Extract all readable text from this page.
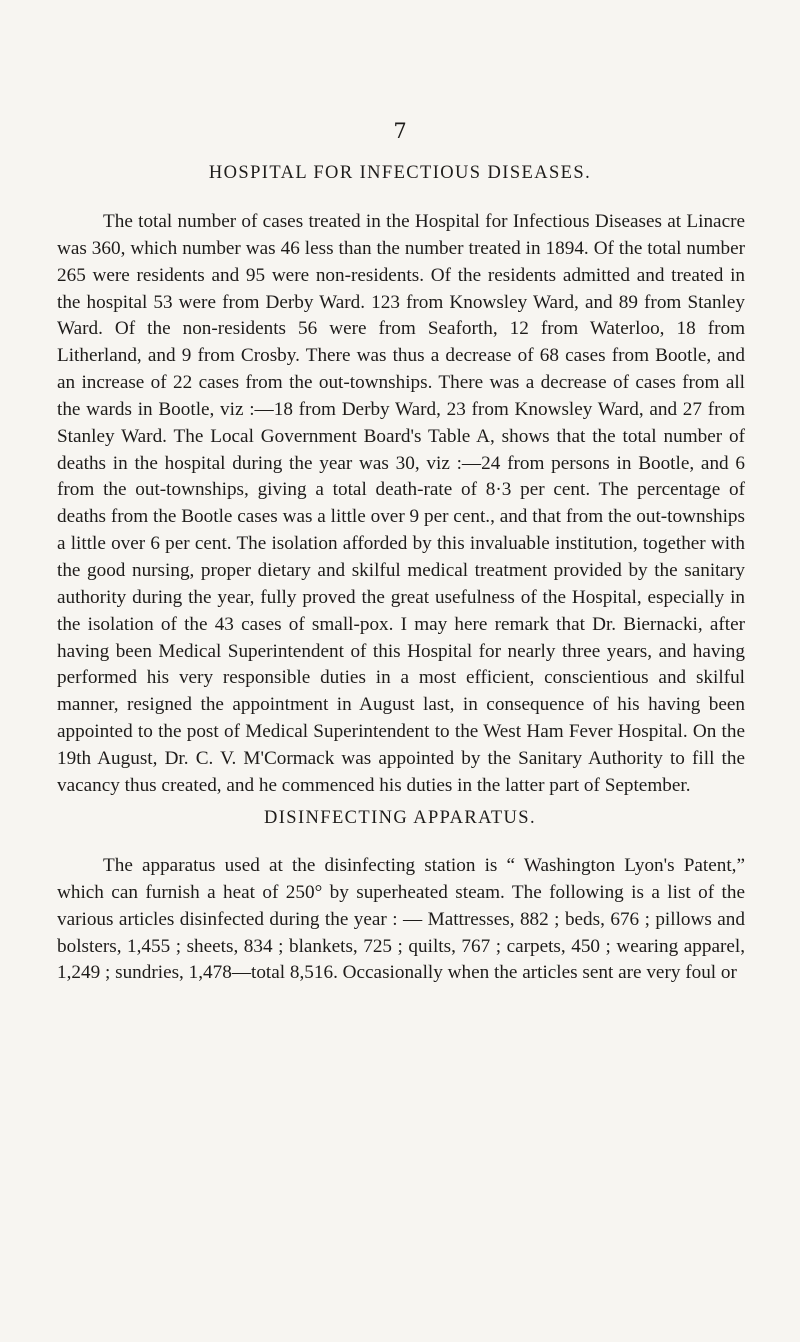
7
HOSPITAL FOR INFECTIOUS DISEASES.

The total number of cases treated in the Hospital for Infectious Diseases at Linacre was 360, which number was 46 less than the number treated in 1894. Of the total number 265 were residents and 95 were non-residents. Of the residents admitted and treated in the hospital 53 were from Derby Ward. 123 from Knowsley Ward, and 89 from Stanley Ward. Of the non-residents 56 were from Seaforth, 12 from Waterloo, 18 from Litherland, and 9 from Crosby. There was thus a decrease of 68 cases from Bootle, and an increase of 22 cases from the out-townships. There was a decrease of cases from all the wards in Bootle, viz :—18 from Derby Ward, 23 from Knowsley Ward, and 27 from Stanley Ward. The Local Government Board's Table A, shows that the total number of deaths in the hospital during the year was 30, viz :—24 from persons in Bootle, and 6 from the out-townships, giving a total death-rate of 8·3 per cent. The percentage of deaths from the Bootle cases was a little over 9 per cent., and that from the out-townships a little over 6 per cent. The isolation afforded by this invaluable institution, together with the good nursing, proper dietary and skilful medical treatment provided by the sanitary authority during the year, fully proved the great usefulness of the Hospital, especially in the isolation of the 43 cases of small-pox. I may here remark that Dr. Biernacki, after having been Medical Superintendent of this Hospital for nearly three years, and having performed his very responsible duties in a most efficient, conscientious and skilful manner, resigned the appointment in August last, in consequence of his having been appointed to the post of Medical Superintendent to the West Ham Fever Hospital. On the 19th August, Dr. C. V. M'Cormack was appointed by the Sanitary Authority to fill the vacancy thus created, and he commenced his duties in the latter part of September.

DISINFECTING APPARATUS.

The apparatus used at the disinfecting station is “ Washington Lyon's Patent,” which can furnish a heat of 250° by superheated steam. The following is a list of the various articles disinfected during the year : — Mattresses, 882 ; beds, 676 ; pillows and bolsters, 1,455 ; sheets, 834 ; blankets, 725 ; quilts, 767 ; carpets, 450 ; wearing apparel, 1,249 ; sundries, 1,478—total 8,516. Occasionally when the articles sent are very foul or
